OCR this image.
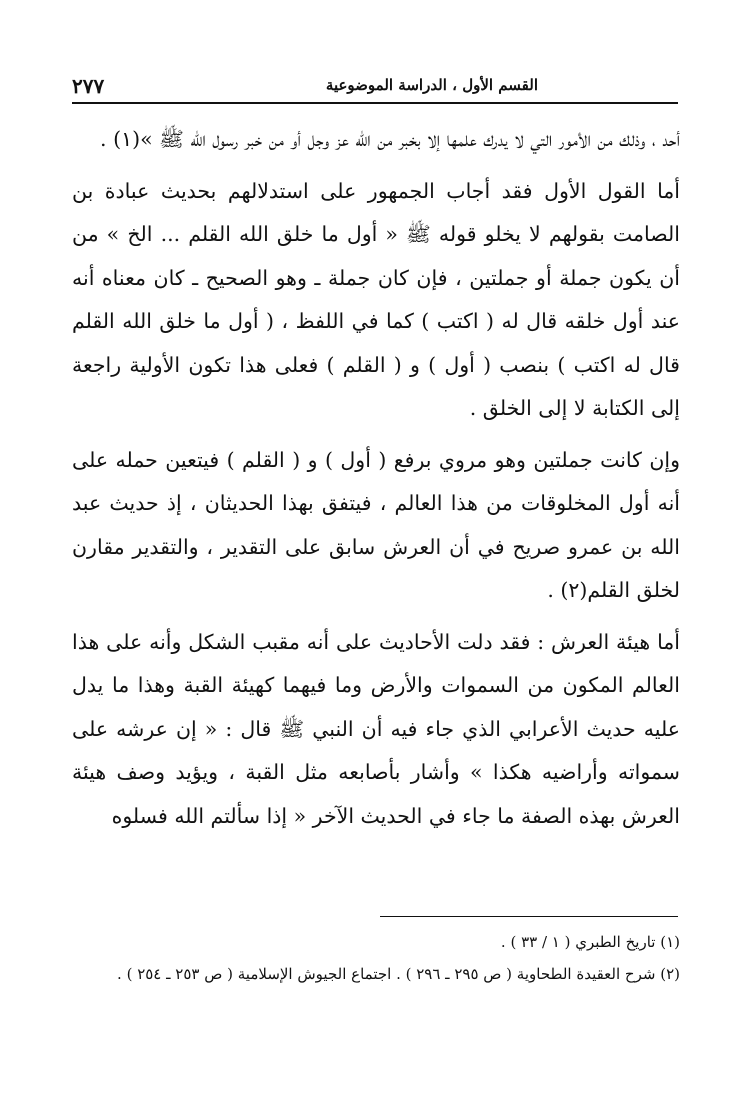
القسم الأول ، الدراسة الموضوعية
٢٧٧

أحد ، وذلك من الأمور التي لا يدرك علمها إلا بخبر من الله عز وجل أو من خبر رسول الله ﷺ »(١) .

أما القول الأول فقد أجاب الجمهور على استدلالهم بحديث عبادة بن الصامت بقولهم لا يخلو قوله ﷺ « أول ما خلق الله القلم ... الخ » من أن يكون جملة أو جملتين ، فإن كان جملة ـ وهو الصحيح ـ كان معناه أنه عند أول خلقه قال له ( اكتب ) كما في اللفظ ، ( أول ما خلق الله القلم قال له اكتب ) بنصب ( أول ) و ( القلم ) فعلى هذا تكون الأولية راجعة إلى الكتابة لا إلى الخلق .

وإن كانت جملتين وهو مروي برفع ( أول ) و ( القلم ) فيتعين حمله على أنه أول المخلوقات من هذا العالم ، فيتفق بهذا الحديثان ، إذ حديث عبد الله بن عمرو صريح في أن العرش سابق على التقدير ، والتقدير مقارن لخلق القلم(٢) .

أما هيئة العرش : فقد دلت الأحاديث على أنه مقبب الشكل وأنه على هذا العالم المكون من السموات والأرض وما فيهما كهيئة القبة وهذا ما يدل عليه حديث الأعرابي الذي جاء فيه أن النبي ﷺ قال : « إن عرشه على سمواته وأراضيه هكذا » وأشار بأصابعه مثل القبة ، ويؤيد وصف هيئة العرش بهذه الصفة ما جاء في الحديث الآخر « إذا سألتم الله فسلوه

(١) تاريخ الطبري ( ١ / ٣٣ ) .

(٢) شرح العقيدة الطحاوية ( ص ٢٩٥ ـ ٢٩٦ ) . اجتماع الجيوش الإسلامية ( ص ٢٥٣ ـ ٢٥٤ ) .
